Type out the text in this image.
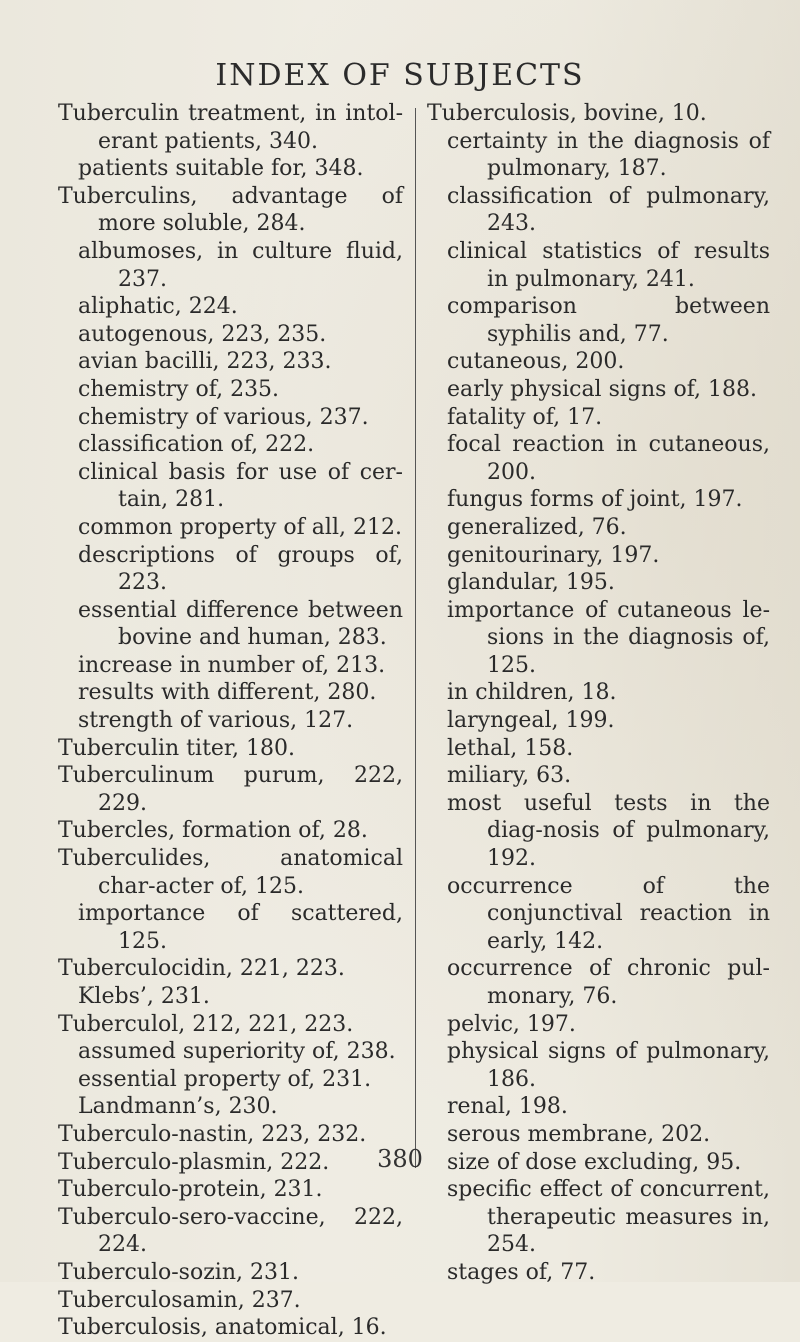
INDEX OF SUBJECTS

Tuberculin treatment, in intol-erant patients, 340.

patients suitable for, 348.

Tuberculins, advantage of more soluble, 284.

albumoses, in culture fluid, 237.

aliphatic, 224.

autogenous, 223, 235.

avian bacilli, 223, 233.

chemistry of, 235.

chemistry of various, 237.

classification of, 222.

clinical basis for use of cer-tain, 281.

common property of all, 212.

descriptions of groups of, 223.

essential difference between bovine and human, 283.

increase in number of, 213.

results with different, 280.

strength of various, 127.

Tuberculin titer, 180.

Tuberculinum purum, 222, 229.

Tubercles, formation of, 28.

Tuberculides, anatomical char-acter of, 125.

importance of scattered, 125.

Tuberculocidin, 221, 223.

Klebs’, 231.

Tuberculol, 212, 221, 223.

assumed superiority of, 238.

essential property of, 231.

Landmann’s, 230.

Tuberculo-nastin, 223, 232.

Tuberculo-plasmin, 222.

Tuberculo-protein, 231.

Tuberculo-sero-vaccine, 222, 224.

Tuberculo-sozin, 231.

Tuberculosamin, 237.

Tuberculosis, anatomical, 16.

Tuberculosis, bovine, 10.

certainty in the diagnosis of pulmonary, 187.

classification of pulmonary, 243.

clinical statistics of results in pulmonary, 241.

comparison between syphilis and, 77.

cutaneous, 200.

early physical signs of, 188.

fatality of, 17.

focal reaction in cutaneous, 200.

fungus forms of joint, 197.

generalized, 76.

genitourinary, 197.

glandular, 195.

importance of cutaneous le-sions in the diagnosis of, 125.

in children, 18.

laryngeal, 199.

lethal, 158.

miliary, 63.

most useful tests in the diag-nosis of pulmonary, 192.

occurrence of the conjunctival reaction in early, 142.

occurrence of chronic pul-monary, 76.

pelvic, 197.

physical signs of pulmonary, 186.

renal, 198.

serous membrane, 202.

size of dose excluding, 95.

specific effect of concurrent, therapeutic measures in, 254.

stages of, 77.

380
